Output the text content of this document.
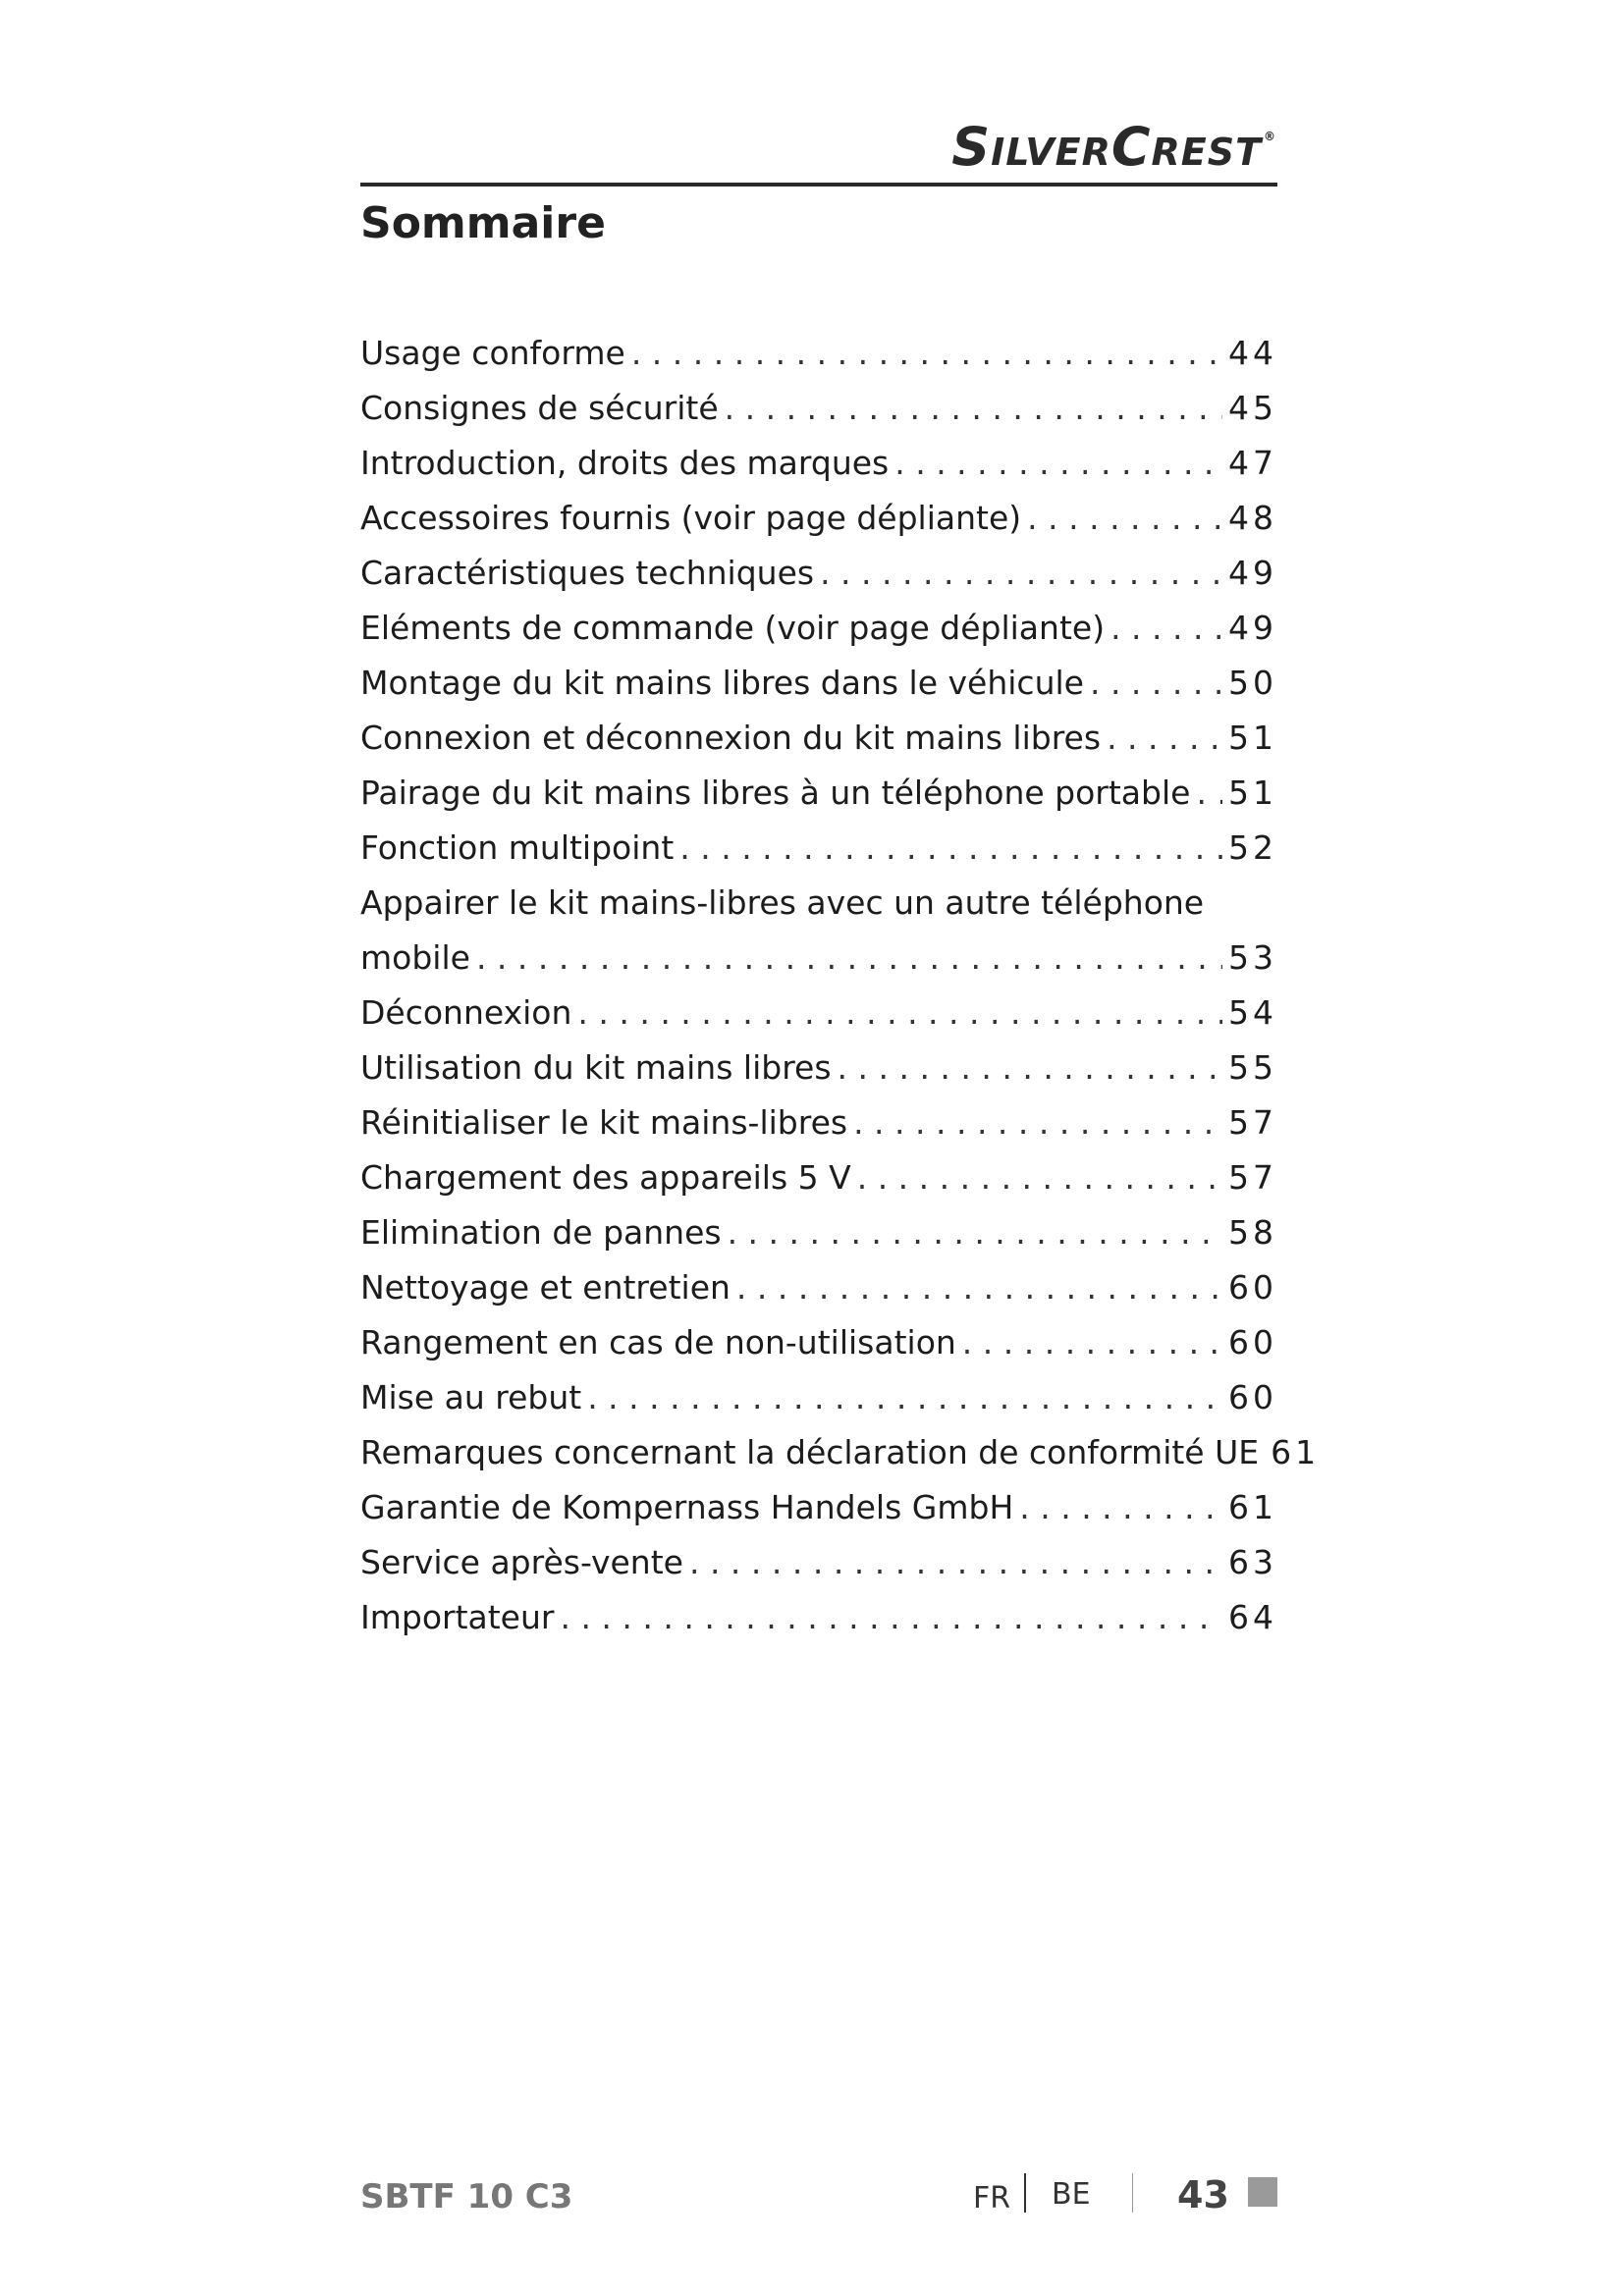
SILVERCREST ®
Sommaire
Usage conforme . . .	44
Consignes de sécurité . . .	45
Introduction, droits des marques . . .	47
Accessoires fournis (voir page dépliante) . . .	48
Caractéristiques techniques . . .	49
Eléments de commande (voir page dépliante) . . .	49
Montage du kit mains libres dans le véhicule . . .	50
Connexion et déconnexion du kit mains libres . . .	51
Pairage du kit mains libres à un téléphone portable . . . 51
Fonction multipoint . . .	52
Appairer le kit mains-libres avec un autre téléphone
mobile . . .	53
Déconnexion . . .	54
Utilisation du kit mains libres . . .	55
Réinitialiser le kit mains-libres . . .	57
Chargement des appareils 5 V . . .	57
Elimination de pannes . . .	58
Nettoyage et entretien . . .	60
Rangement en cas de non-utilisation . . .	60
Mise au rebut . . .	60
Remarques concernant la déclaration de conformité UE 61
Garantie de Kompernass Handels GmbH . . .	61
Service après-vente . . .	63
Importateur . . .	64
SBTF 10 C3	FR BE 43
